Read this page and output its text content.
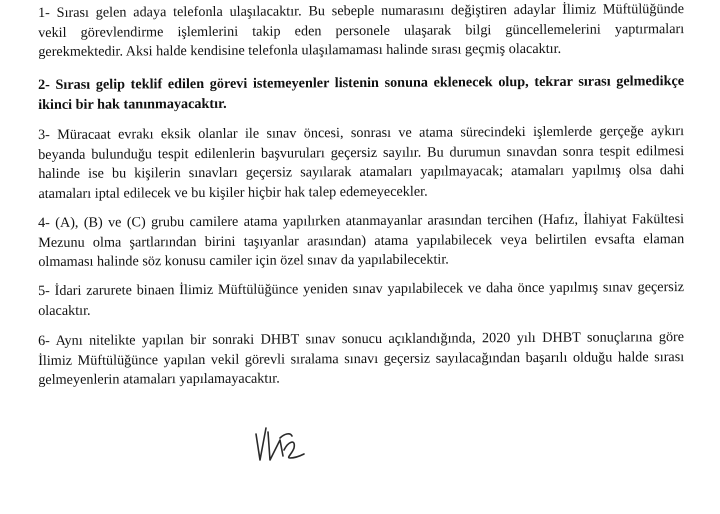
1- Sırası gelen adaya telefonla ulaşılacaktır. Bu sebeple numarasını değiştiren adaylar İlimiz Müftülüğünde
vekil görevlendirme işlemlerini takip eden personele ulaşarak bilgi güncellemelerini yaptırmaları
gerekmektedir. Aksi halde kendisine telefonla ulaşılamaması halinde sırası geçmiş olacaktır.

2- Sırası gelip teklif edilen görevi istemeyenler listenin sonuna eklenecek olup, tekrar sırası gelmedikçe
ikinci bir hak tanınmayacaktır.

3- Müracaat evrakı eksik olanlar ile sınav öncesi, sonrası ve atama sürecindeki işlemlerde gerçeğe aykırı
beyanda bulunduğu tespit edilenlerin başvuruları geçersiz sayılır. Bu durumun sınavdan sonra tespit edilmesi
halinde ise bu kişilerin sınavları geçersiz sayılarak atamaları yapılmayacak; atamaları yapılmış olsa dahi
atamaları iptal edilecek ve bu kişiler hiçbir hak talep edemeyecekler.

4- (A), (B) ve (C) grubu camilere atama yapılırken atanmayanlar arasından tercihen (Hafız, İlahiyat Fakültesi
Mezunu olma şartlarından birini taşıyanlar arasından) atama yapılabilecek veya belirtilen evsafta elaman
olmaması halinde söz konusu camiler için özel sınav da yapılabilecektir.

5- İdari zarurete binaen İlimiz Müftülüğünce yeniden sınav yapılabilecek ve daha önce yapılmış sınav geçersiz
olacaktır.

6- Aynı nitelikte yapılan bir sonraki DHBT sınav sonucu açıklandığında, 2020 yılı DHBT sonuçlarına göre
İlimiz Müftülüğünce yapılan vekil görevli sıralama sınavı geçersiz sayılacağından başarılı olduğu halde sırası
gelmeyenlerin atamaları yapılamayacaktır.
